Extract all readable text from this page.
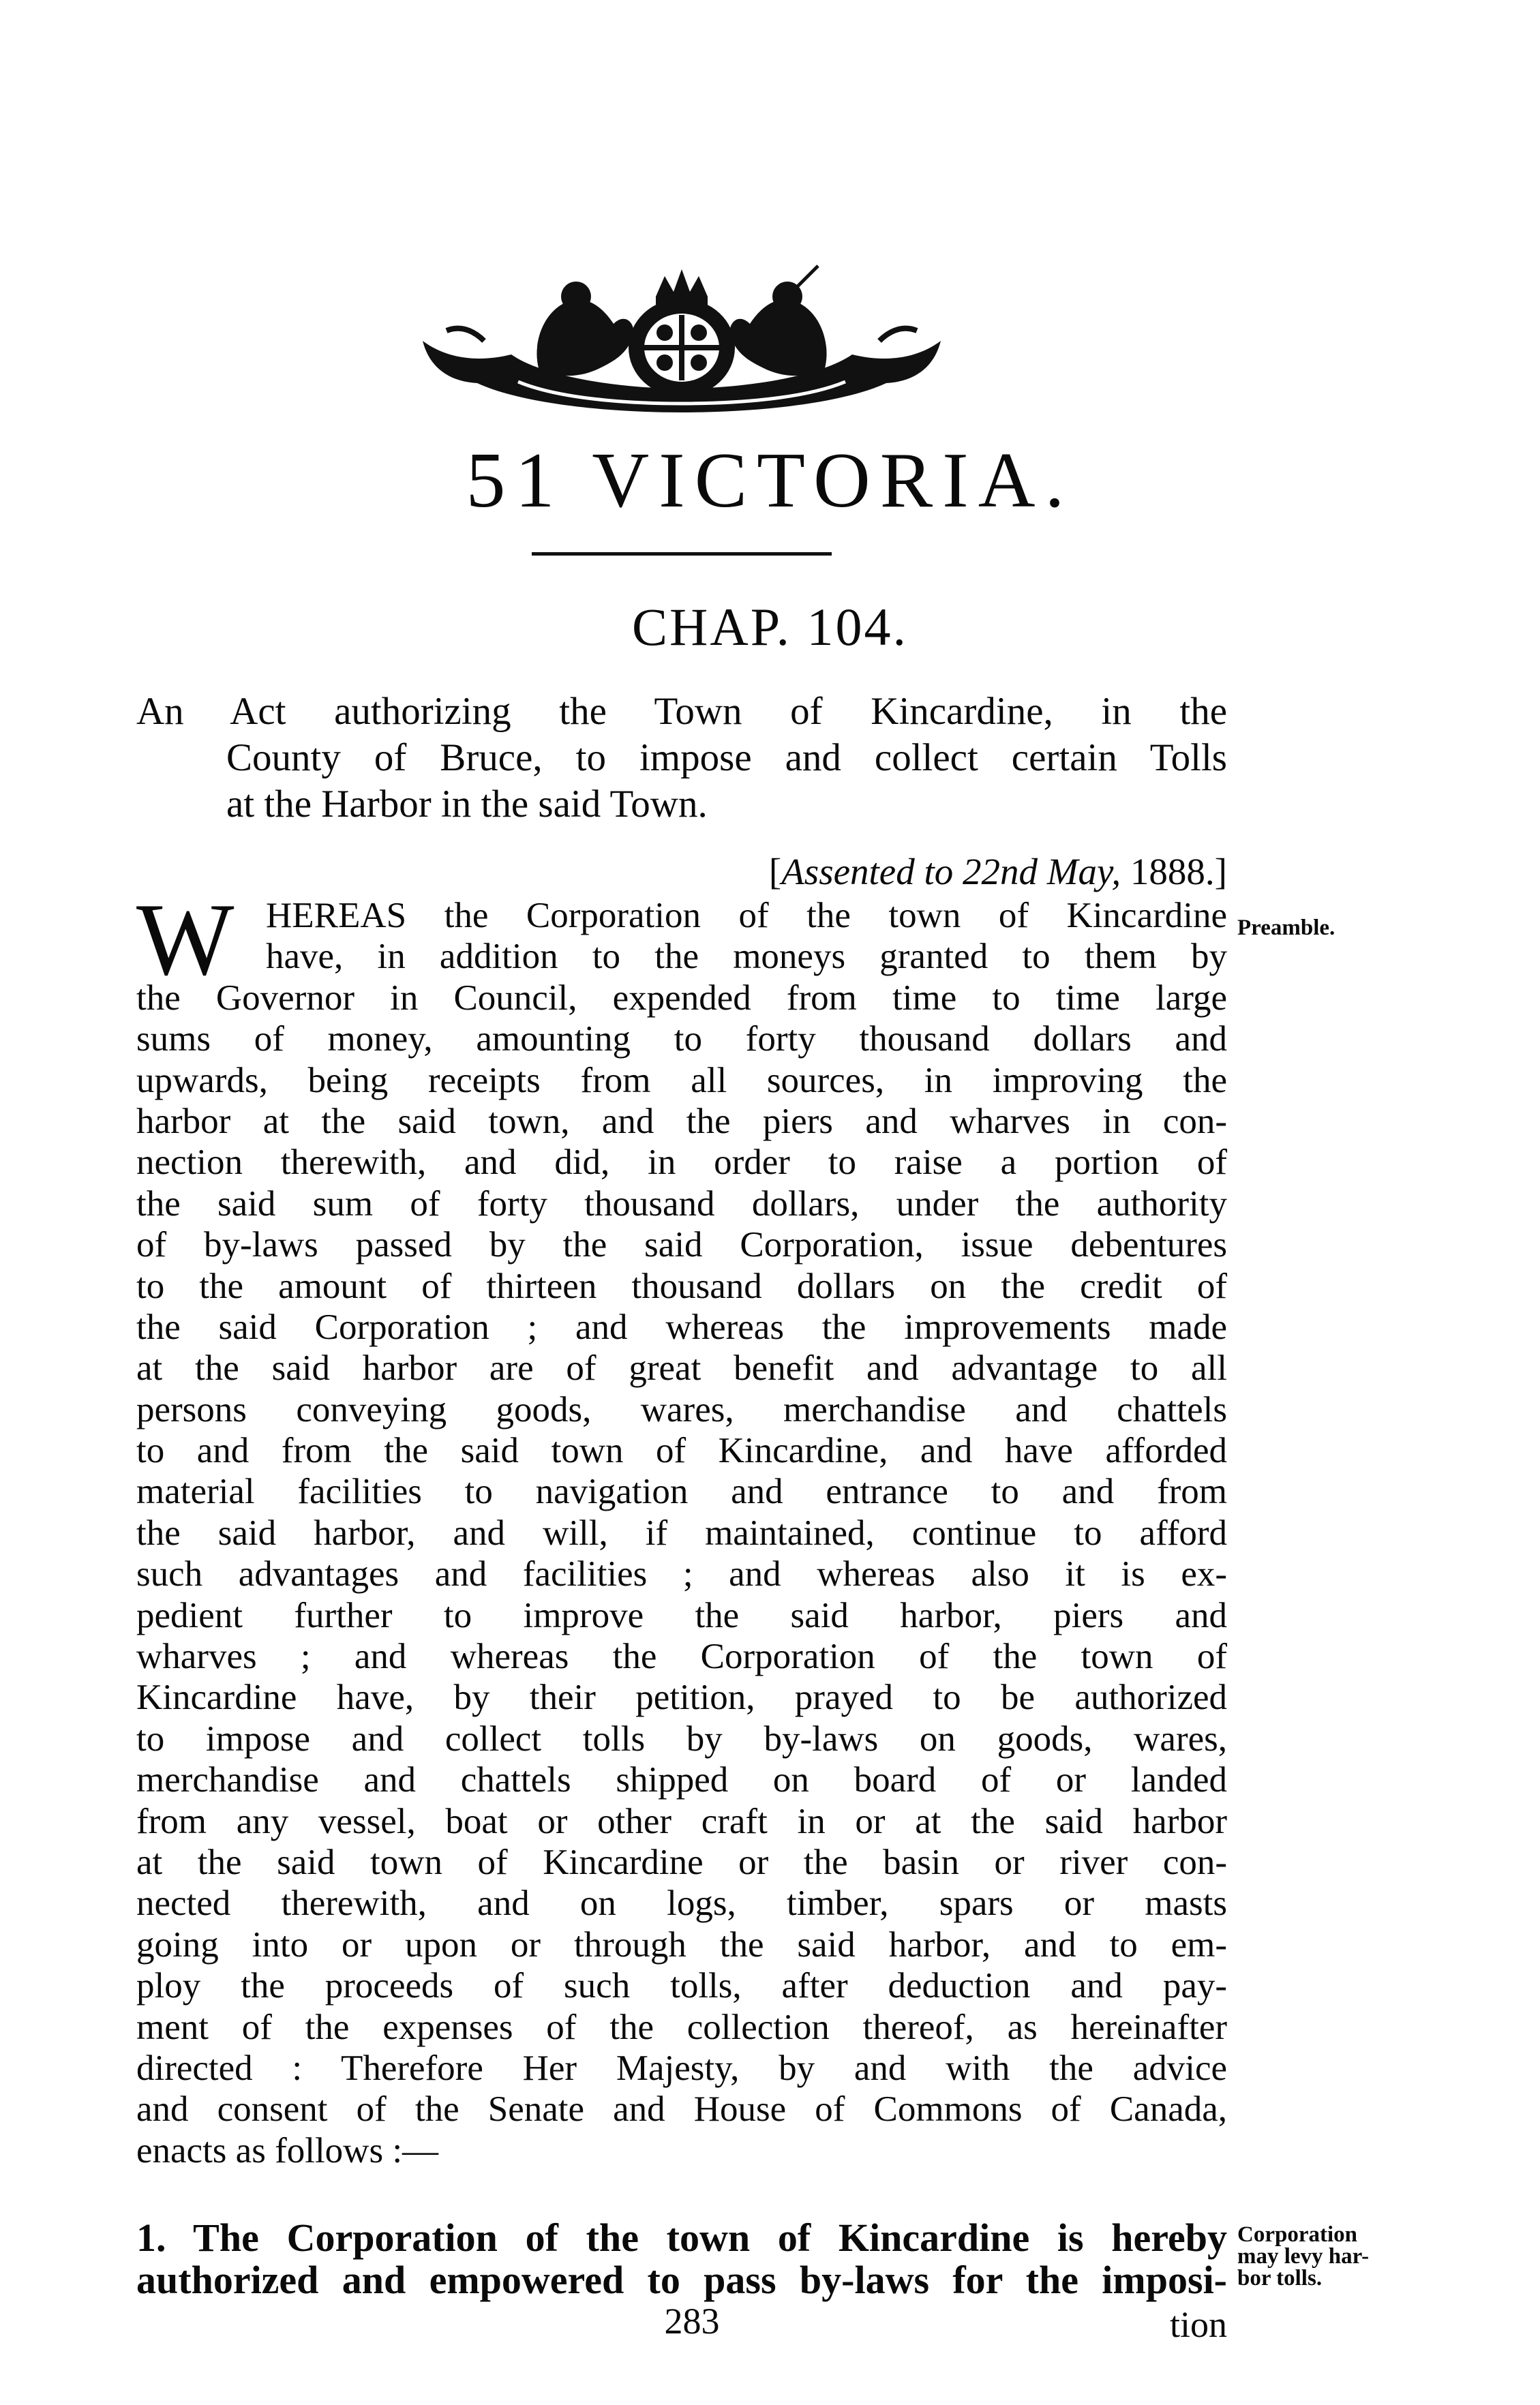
51 VICTORIA.
CHAP. 104.
An Act authorizing the Town of Kincardine, in the
County of Bruce, to impose and collect certain Tolls
at the Harbor in the said Town.
[Assented to 22nd May, 1888.]
W HEREAS the Corporation of the town of Kincardine
have, in addition to the moneys granted to them by
the Governor in Council, expended from time to time large
sums of money, amounting to forty thousand dollars and
upwards, being receipts from all sources, in improving the
harbor at the said town, and the piers and wharves in con-
nection therewith, and did, in order to raise a portion of
the said sum of forty thousand dollars, under the authority
of by-laws passed by the said Corporation, issue debentures
to the amount of thirteen thousand dollars on the credit of
the said Corporation ; and whereas the improvements made
at the said harbor are of great benefit and advantage to all
persons conveying goods, wares, merchandise and chattels
to and from the said town of Kincardine, and have afforded
material facilities to navigation and entrance to and from
the said harbor, and will, if maintained, continue to afford
such advantages and facilities ; and whereas also it is ex-
pedient further to improve the said harbor, piers and
wharves ; and whereas the Corporation of the town of
Kincardine have, by their petition, prayed to be authorized
to impose and collect tolls by by-laws on goods, wares,
merchandise and chattels shipped on board of or landed
from any vessel, boat or other craft in or at the said harbor
at the said town of Kincardine or the basin or river con-
nected therewith, and on logs, timber, spars or masts
going into or upon or through the said harbor, and to em-
ploy the proceeds of such tolls, after deduction and pay-
ment of the expenses of the collection thereof, as hereinafter
directed : Therefore Her Majesty, by and with the advice
and consent of the Senate and House of Commons of Canada,
enacts as follows :—
1. The Corporation of the town of Kincardine is hereby
authorized and empowered to pass by-laws for the imposi-
283	tion
Preamble.
Corporation
may levy har-
bor tolls.
